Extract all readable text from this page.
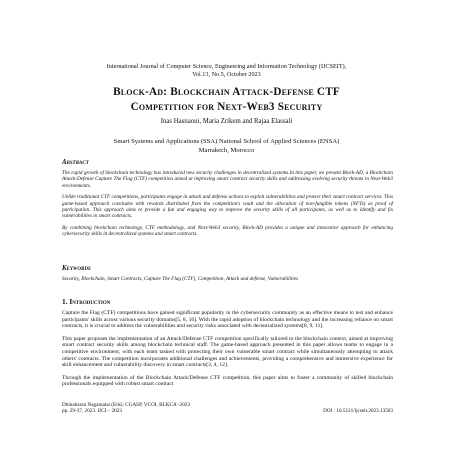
International Journal of Computer Science, Engineering and Information Technology (IJCSEIT),
Vol.13, No.5, October 2023
Block-Ad: Blockchain Attack-Defense CTF
Competition for Next-Web3 Security
Inas Hasnaoui, Maria Zrikem and Rajaa Elassali
Smart Systems and Applications (SSA) National School of Applied Sciences (ENSA)
Marrakech, Morocco
Abstract
The rapid growth of blockchain technology has introduced new security challenges in decentralized systems.In this paper, we present Block-AD, a Blockchain Attack-Defense Capture The Flag (CTF) competition aimed at improving smart contract security skills and addressing evolving security threats in Next-Web3 environments.
Unlike traditional CTF competitions, participants engage in attack and defense actions to exploit vulnerabilities and protect their smart contract services. This game-based approach concludes with rewards distributed from the competition's vault and the allocation of non-fungible tokens (NFTs) as proof of participation. This approach aims to provide a fun and engaging way to improve the security skills of all participants, as well as to identify and fix vulnerabilities in smart contracts.
By combining blockchain technology, CTF methodology, and Next-Web3 security, Block-AD provides a unique and innovative approach for enhancing cybersecurity skills in decentralized systems and smart contracts.
Keywords
Security, Blockchain, Smart Contracts, Capture The Flag (CTF), Competition, Attack and defense, Vulnerabilities
1. Introduction
Capture the Flag (CTF) competitions have gained significant popularity in the cybersecurity community as an effective means to test and enhance participants' skills across various security domains[5, 8, 16]. With the rapid adoption of blockchain technology and the increasing reliance on smart contracts, it is crucial to address the vulnerabilities and security risks associated with decentralized systems[8, 9, 11].
This paper proposes the implementation of an Attack/Defense CTF competition specifically tailored to the blockchain context, aimed at improving smart contract security skills among blockchain technical staff. The game-based approach presented in this paper allows teams to engage in a competitive environment, with each team tasked with protecting their own vulnerable smart contract while simultaneously attempting to attack others' contracts. The competition incorporates additional challenges and achievements, providing a comprehensive and immersive experience for skill enhancement and vulnerability discovery in smart contracts[3, 4, 12].
Through the implementation of the Blockchain Attack/Defense CTF competition, this paper aims to foster a community of skilled blockchain professionals equipped with robust smart contract
Dhinaharan Nagamalai (Eds): CGASP, VCOI, BLKCA -2023
pp. 29-37, 2023. IJCI – 2023	DOI : 10.5121/ijcseit.2023.13503
